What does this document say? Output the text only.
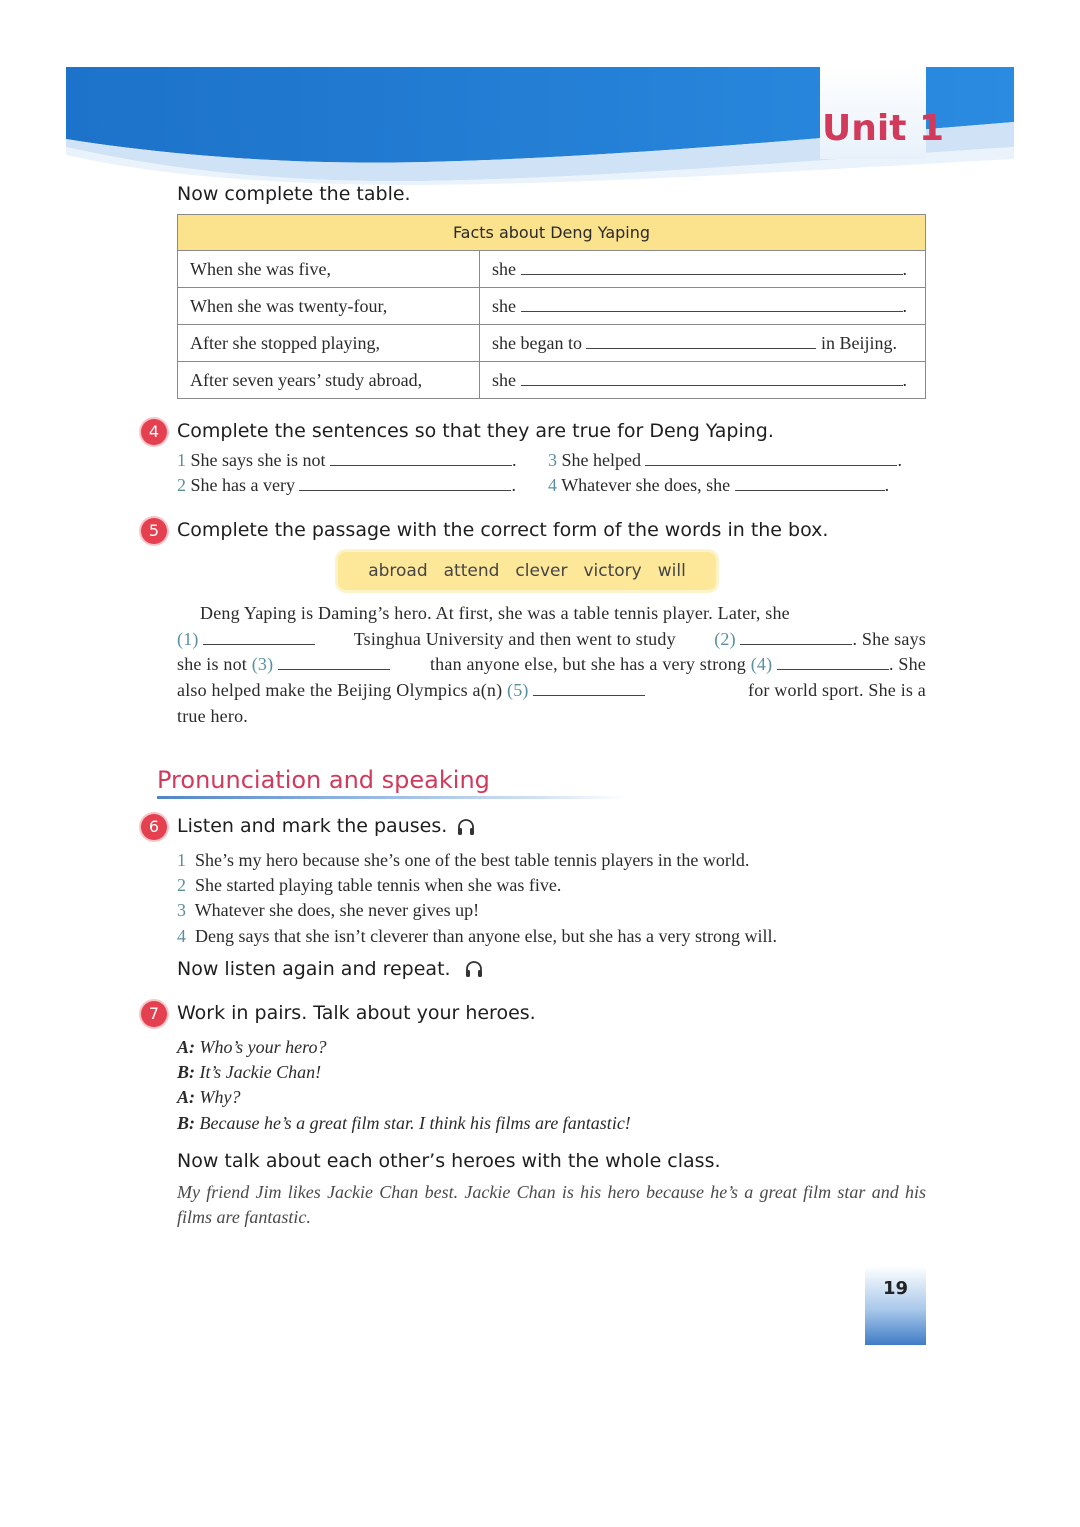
Unit 1
Now complete the table.
Facts about Deng Yaping	
When she was five,	she .
When she was twenty-four,	she .
After she stopped playing,	she began to in Beijing.
After seven years’ study abroad,	she .
4 Complete the sentences so that they are true for Deng Yaping.
1 She says she is not	.
2 She has a very	.
3 She helped	.
4 Whatever she does, she	.
5 Complete the passage with the correct form of the words in the box.
abroad attend clever victory will
Deng Yaping is Daming’s hero. At first, she was a table tennis player. Later, she
(1)	Tsinghua University and then went to study (2)	. She says
she is not (3)	than anyone else, but she has a very strong (4)	. She
also helped make the Beijing Olympics a(n) (5)	for world sport. She is a
true hero.
Pronunciation and speaking
6 Listen and mark the pauses.
1 She’s my hero because she’s one of the best table tennis players in the world.
2 She started playing table tennis when she was five.
3 Whatever she does, she never gives up!
4 Deng says that she isn’t cleverer than anyone else, but she has a very strong will.
Now listen again and repeat.
7 Work in pairs. Talk about your heroes.
A: Who’s your hero?
B: It’s Jackie Chan!
A: Why?
B: Because he’s a great film star. I think his films are fantastic!
Now talk about each other’s heroes with the whole class.
My friend Jim likes Jackie Chan best. Jackie Chan is his hero because he’s a great film star and his films are fantastic.
19
